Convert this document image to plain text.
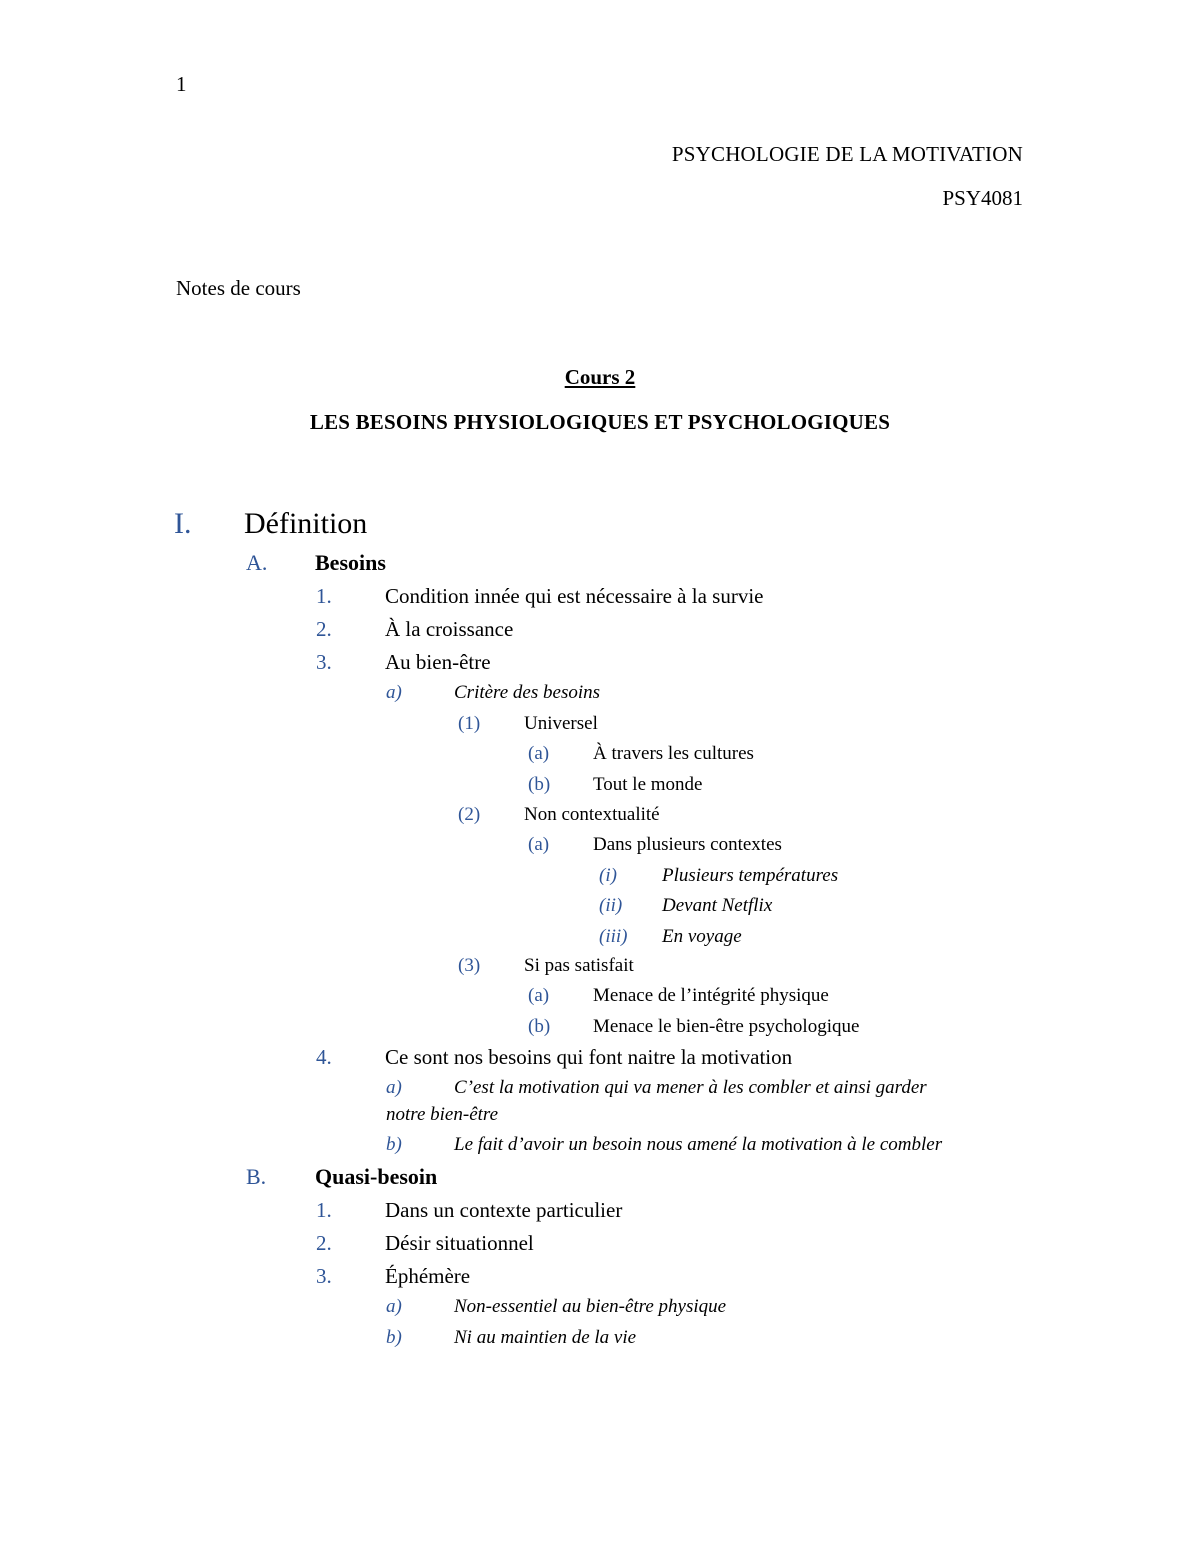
1
PSYCHOLOGIE DE LA MOTIVATION
PSY4081
Notes de cours
Cours 2
LES BESOINS PHYSIOLOGIQUES ET PSYCHOLOGIQUES
I. Définition
A. Besoins
1.	Condition innée qui est nécessaire à la survie
2.	À la croissance
3.	Au bien-être
a)	Critère des besoins
(1) Universel
(a) À travers les cultures
(b) Tout le monde
(2) Non contextualité
(a) Dans plusieurs contextes
(i) Plusieurs températures
(ii) Devant Netflix
(iii) En voyage
(3) Si pas satisfait
(a) Menace de l’intégrité physique
(b) Menace le bien-être psychologique
4.	Ce sont nos besoins qui font naitre la motivation
a)	C’est la motivation qui va mener à les combler et ainsi garder
notre bien-être
b)	Le fait d’avoir un besoin nous amené la motivation à le combler
B. Quasi-besoin
1.	Dans un contexte particulier
2.	Désir situationnel
3.	Éphémère
a)	Non-essentiel au bien-être physique
b)	Ni au maintien de la vie
